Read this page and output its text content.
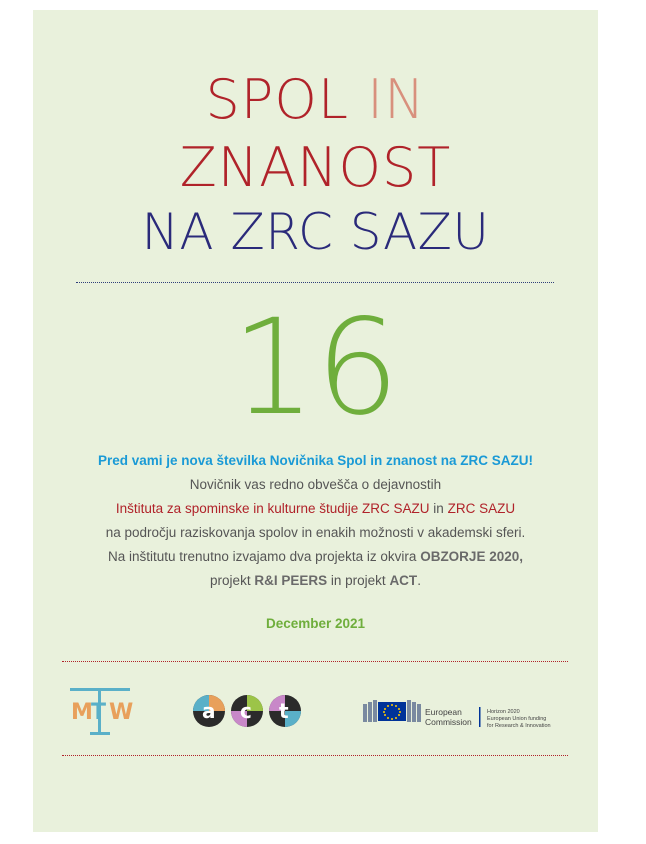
SPOL IN
ZNANOST
NA ZRC SAZU
16
Pred vami je nova številka Novičnika Spol in znanost na ZRC SAZU!
Novičnik vas redno obvešča o dejavnostih
Inštituta za spominske in kulturne študije ZRC SAZU in ZRC SAZU
na področju raziskovanja spolov in enakih možnosti v akademski sferi.
Na inštitutu trenutno izvajamo dva projekta iz okvira OBZORJE 2020,
projekt R&I PEERS in projekt ACT.
December 2021
M
T W	a c t	European
Commission
Horizon 2020
European Union funding
for Research & Innovation
